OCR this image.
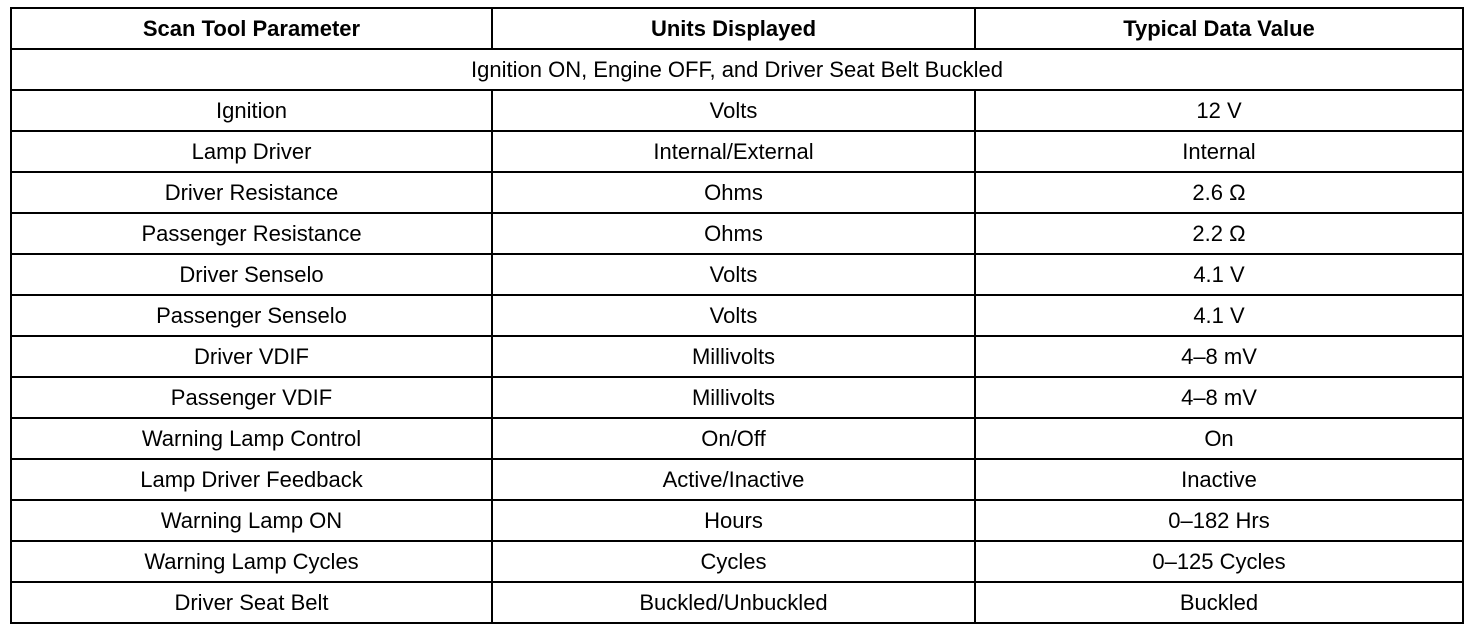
Scan Tool Parameter	Units Displayed	Typical Data Value
Ignition ON, Engine OFF, and Driver Seat Belt Buckled		
Ignition	Volts	12 V
Lamp Driver	Internal/External	Internal
Driver Resistance	Ohms	2.6 Ω
Passenger Resistance	Ohms	2.2 Ω
Driver Senselo	Volts	4.1 V
Passenger Senselo	Volts	4.1 V
Driver VDIF	Millivolts	4–8 mV
Passenger VDIF	Millivolts	4–8 mV
Warning Lamp Control	On/Off	On
Lamp Driver Feedback	Active/Inactive	Inactive
Warning Lamp ON	Hours	0–182 Hrs
Warning Lamp Cycles	Cycles	0–125 Cycles
Driver Seat Belt	Buckled/Unbuckled	Buckled
